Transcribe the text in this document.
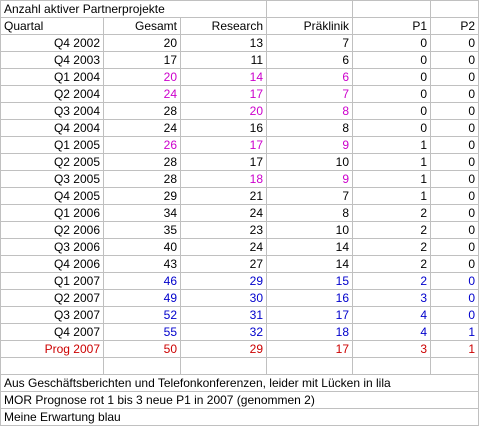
Anzahl aktiver Partnerprojekte					
Quartal	Gesamt	Research	Präklinik	P1	P2
Q4 2002	20	13	7	0	0
Q4 2003	17	11	6	0	0
Q1 2004	20	14	6	0	0
Q2 2004	24	17	7	0	0
Q3 2004	28	20	8	0	0
Q4 2004	24	16	8	0	0
Q1 2005	26	17	9	1	0
Q2 2005	28	17	10	1	0
Q3 2005	28	18	9	1	0
Q4 2005	29	21	7	1	0
Q1 2006	34	24	8	2	0
Q2 2006	35	23	10	2	0
Q3 2006	40	24	14	2	0
Q4 2006	43	27	14	2	0
Q1 2007	46	29	15	2	0
Q2 2007	49	30	16	3	0
Q3 2007	52	31	17	4	0
Q4 2007	55	32	18	4	1
Prog 2007	50	29	17	3	1

Aus Geschäftsberichten und Telefonkonferenzen, leider mit Lücken in lila					
MOR Prognose rot 1 bis 3 neue P1 in 2007 (genommen 2)					
Meine Erwartung blau					
